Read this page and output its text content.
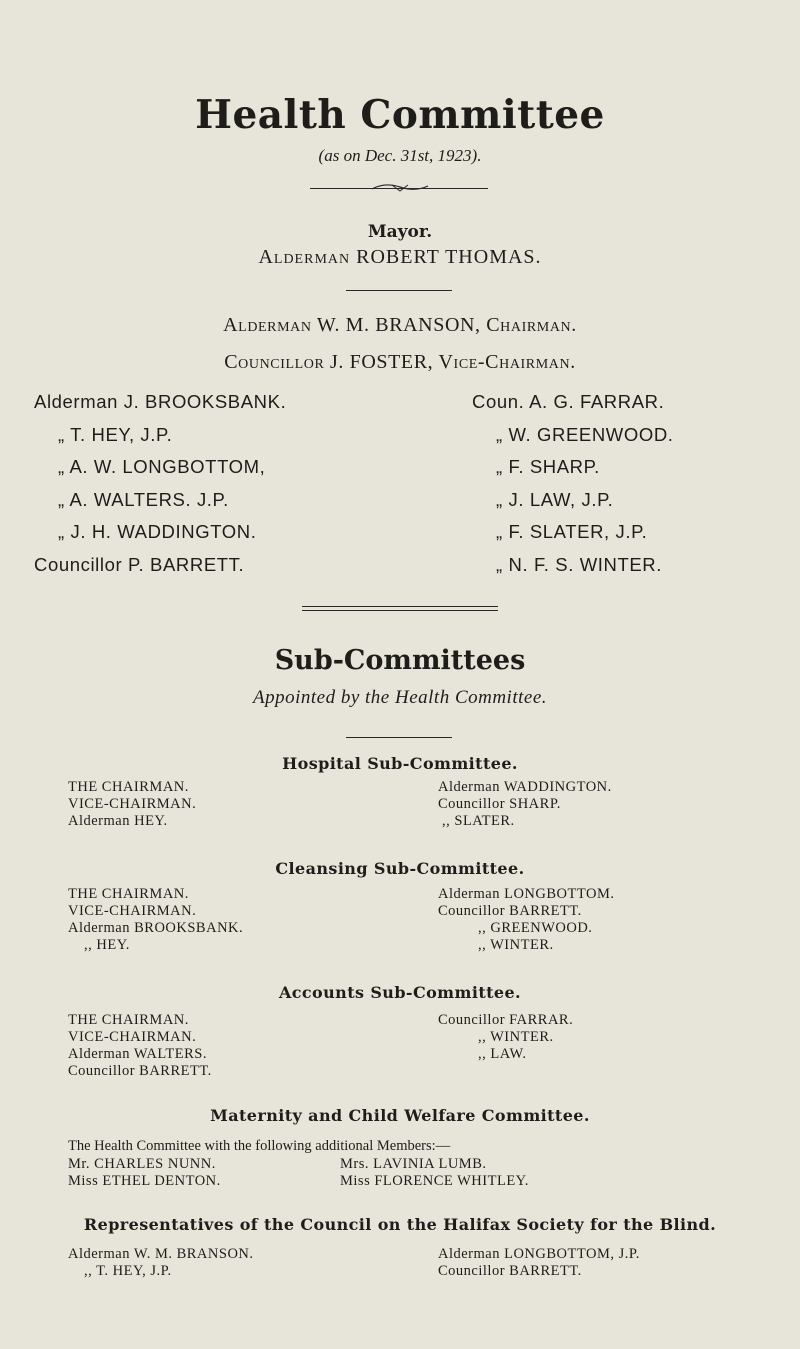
Health Committee
(as on Dec. 31st, 1923).
Mayor.
Alderman ROBERT THOMAS.
Alderman W. M. BRANSON, Chairman.
Councillor J. FOSTER, Vice-Chairman.
Alderman J. BROOKSBANK.
„ T. HEY, J.P.
„ A. W. LONGBOTTOM,
„ A. WALTERS. J.P.
„ J. H. WADDINGTON.
Councillor P. BARRETT.
Coun. A. G. FARRAR.
„ W. GREENWOOD.
„ F. SHARP.
„ J. LAW, J.P.
„ F. SLATER, J.P.
„ N. F. S. WINTER.
Sub-Committees
Appointed by the Health Committee.
Hospital Sub-Committee.
THE CHAIRMAN.
VICE-CHAIRMAN.
Alderman HEY.
Alderman WADDINGTON.
Councillor SHARP.
,, SLATER.
Cleansing Sub-Committee.
THE CHAIRMAN.
VICE-CHAIRMAN.
Alderman BROOKSBANK.
,, HEY.
Alderman LONGBOTTOM.
Councillor BARRETT.
,, GREENWOOD.
,, WINTER.
Accounts Sub-Committee.
THE CHAIRMAN.
VICE-CHAIRMAN.
Alderman WALTERS.
Councillor BARRETT.
Councillor FARRAR.
,, WINTER.
,, LAW.
Maternity and Child Welfare Committee.
The Health Committee with the following additional Members:—
Mr. CHARLES NUNN.
Miss ETHEL DENTON.
Mrs. LAVINIA LUMB.
Miss FLORENCE WHITLEY.
Representatives of the Council on the Halifax Society for the Blind.
Alderman W. M. BRANSON.
,, T. HEY, J.P.
Alderman LONGBOTTOM, J.P.
Councillor BARRETT.
